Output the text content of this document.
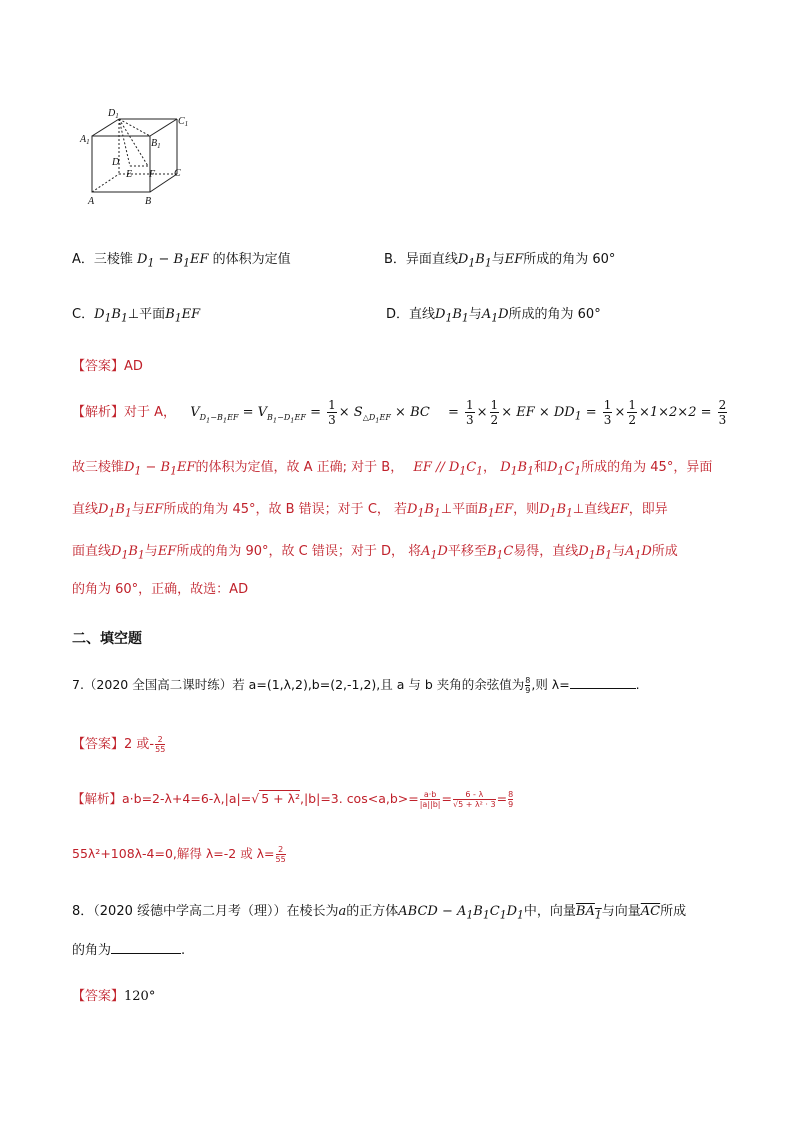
$D_1$
$A_1$
$C_1$
$B_1$
D
E F C
A	B
A．三棱锥 $D_1 - B_1EF$ 的体积为定值	B．异面直线$D_1B_1$与EF所成的角为 60°
C．$D_1B_1\perp$平面$B_1EF$	D．直线$D_1B_1$与$A_1D$所成的角为 60°
【答案】AD
【解析】对于 A， $V_{D_1-B_1EF} = V_{B_1-D_1EF} = \frac{1}{3} \times S_{\triangle D_1EF}$ × BC = $\frac{1}{3} \times \frac{1}{2}$ × EF × $DD_1 = \frac{1}{3} \times \frac{1}{2} \times 1\times 2\times 2 = \frac{2}{3}$
故三棱锥$D_1 - B_1EF$的体积为定值，故 A 正确; 对于 B， EF // $D_1C_1$， $D_1B_1$和$D_1C_1$所成的角为 45°，异面
直线$D_1B_1$与EF所成的角为 45°，故 B 错误；对于 C， 若$D_1B_1\perp$平面$B_1EF$，则$D_1B_1\perp$直线EF，即异
面直线$D_1B_1$与EF所成的角为 90°，故 C 错误；对于 D， 将$A_1D$平移至$B_1C$易得，直线$D_1B_1$与$A_1D$所成
的角为 60°，正确，故选：AD
二、填空题
7.（2020 全国高二课时练）若 a=(1,λ,2),b=(2,-1,2),且 a 与 b 夹角的余弦值为 $\frac{8}{9}$ ,则 λ=	.
【答案】2 或- $\frac{2}{55}$
【解析】a·b=2-λ+4=6-λ,|a|=√ 5 + λ²,|b|=3. $\cos<a,b>= \frac{a\cdot b}{|a||b|} = \frac{6 - \lambda}{\text{√5 + λ² · 3}} = \frac{8}{9}$
55λ²+108λ-4=0,解得 λ=-2 或 $\lambda= \frac{2}{55}$
8．（2020 绥德中学高二月考（理））在棱长为a的正方体ABCD − $A_1B_1C_1D_1$中，向量$BA_1$与向量$\overline{AC}$所成
的角为	.
【答案】120°
